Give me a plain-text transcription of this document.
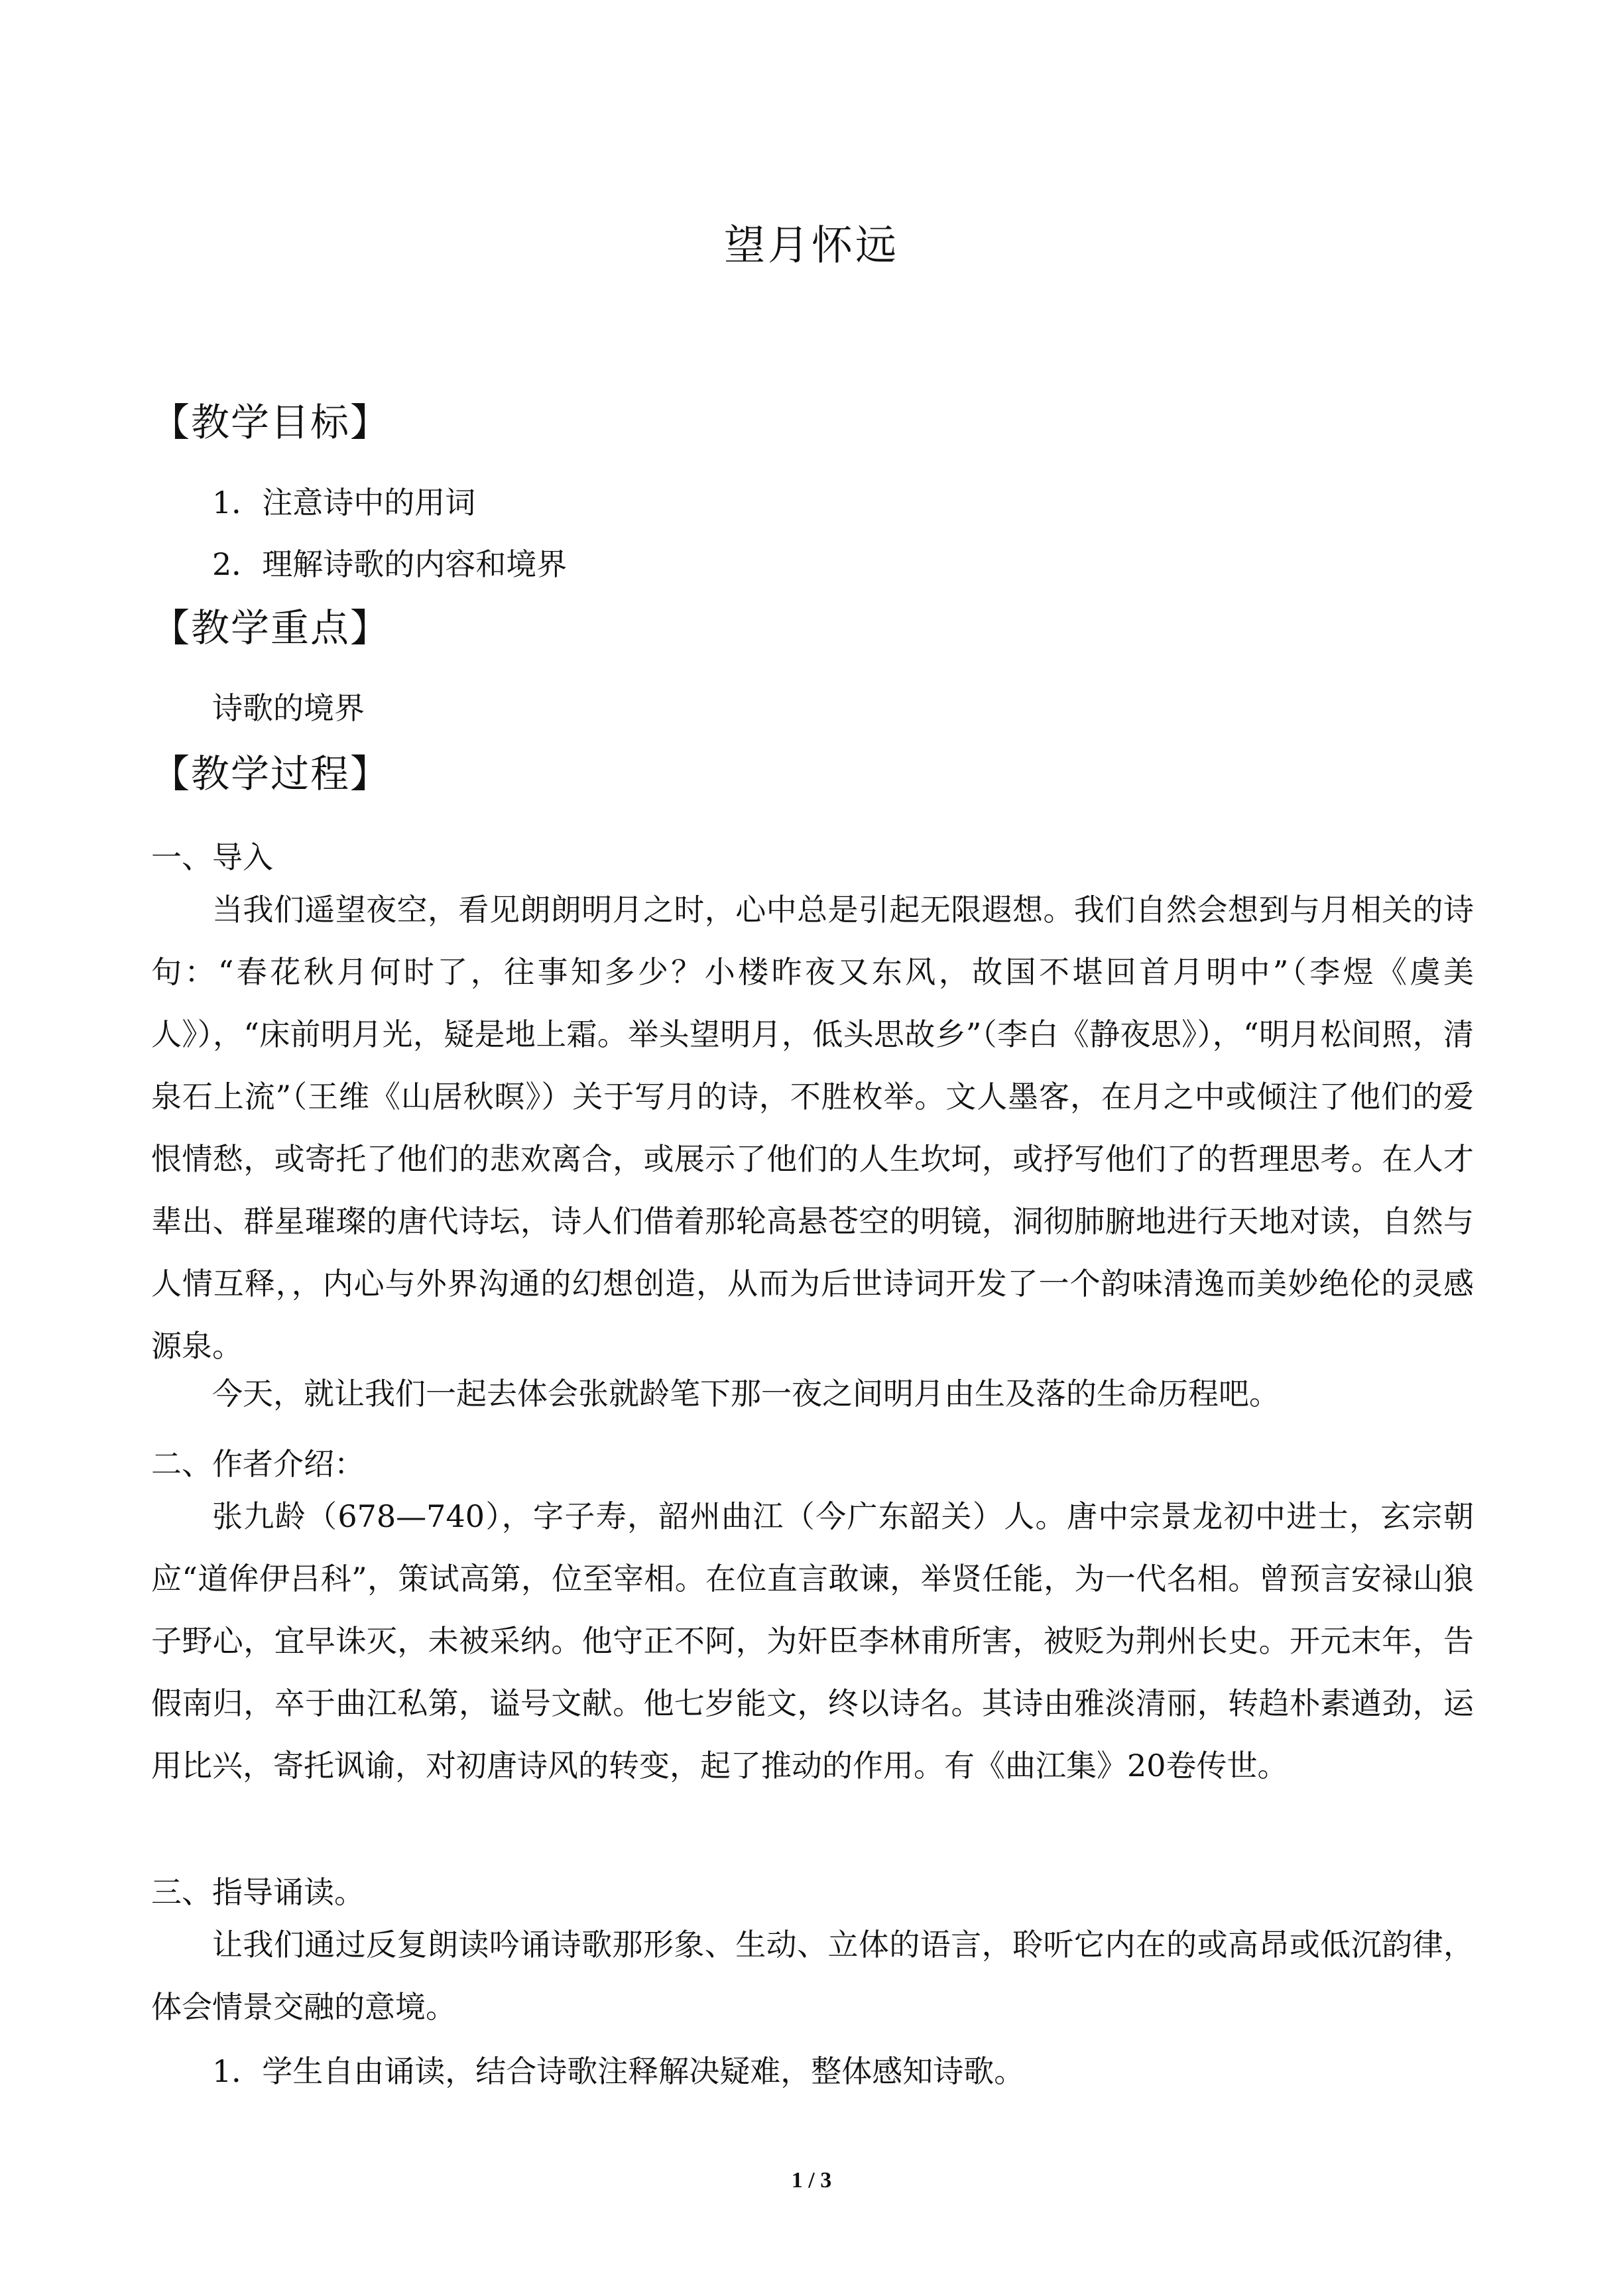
望月怀远
【教学目标】
1．注意诗中的用词
2．理解诗歌的内容和境界
【教学重点】
诗歌的境界
【教学过程】
一、导入
当我们遥望夜空，看见朗朗明月之时，心中总是引起无限遐想。我们自然会想到与月相关的诗句：“春花秋月何时了，往事知多少？小楼昨夜又东风，故国不堪回首月明中”（李煜《虞美人》），“床前明月光，疑是地上霜。举头望明月，低头思故乡”（李白《静夜思》），“明月松间照，清泉石上流”（王维《山居秋暝》）关于写月的诗，不胜枚举。文人墨客，在月之中或倾注了他们的爱恨情愁，或寄托了他们的悲欢离合，或展示了他们的人生坎坷，或抒写他们了的哲理思考。在人才辈出、群星璀璨的唐代诗坛，诗人们借着那轮高悬苍空的明镜，洞彻肺腑地进行天地对读，自然与人情互释，，内心与外界沟通的幻想创造，从而为后世诗词开发了一个韵味清逸而美妙绝伦的灵感源泉。
今天，就让我们一起去体会张就龄笔下那一夜之间明月由生及落的生命历程吧。
二、作者介绍：
张九龄（678—740），字子寿，韶州曲江（今广东韶关）人。唐中宗景龙初中进士，玄宗朝应“道侔伊吕科”，策试高第，位至宰相。在位直言敢谏，举贤任能，为一代名相。曾预言安禄山狼子野心，宜早诛灭，未被采纳。他守正不阿，为奸臣李林甫所害，被贬为荆州长史。开元末年，告假南归，卒于曲江私第，谥号文献。他七岁能文，终以诗名。其诗由雅淡清丽，转趋朴素遒劲，运用比兴，寄托讽谕，对初唐诗风的转变，起了推动的作用。有《曲江集》20卷传世。
三、指导诵读。
让我们通过反复朗读吟诵诗歌那形象、生动、立体的语言，聆听它内在的或高昂或低沉韵律，体会情景交融的意境。
1．学生自由诵读，结合诗歌注释解决疑难，整体感知诗歌。
1 / 3
